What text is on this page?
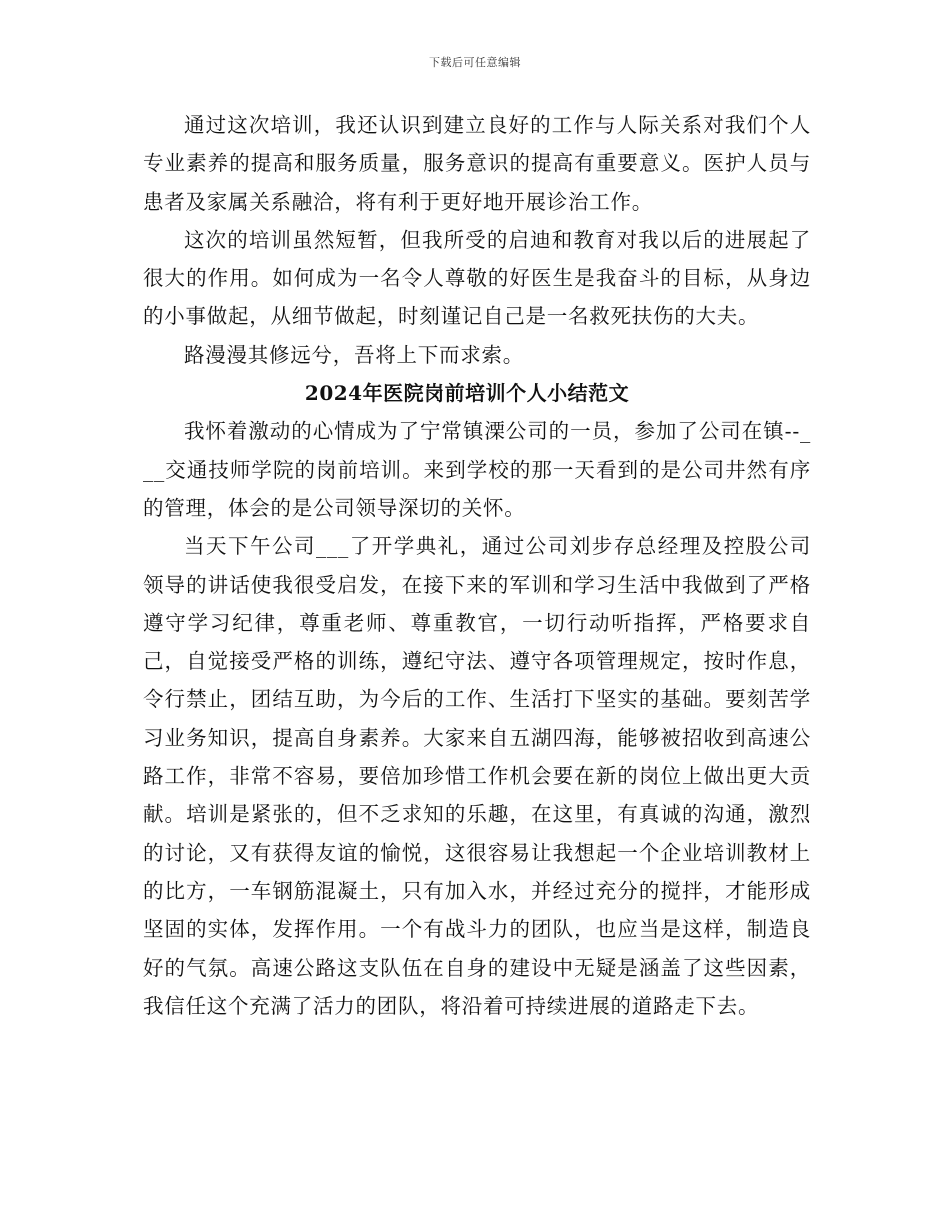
下载后可任意编辑

通过这次培训，我还认识到建立良好的工作与人际关系对我们个人专业素养的提高和服务质量，服务意识的提高有重要意义。医护人员与患者及家属关系融洽，将有利于更好地开展诊治工作。

这次的培训虽然短暂，但我所受的启迪和教育对我以后的进展起了很大的作用。如何成为一名令人尊敬的好医生是我奋斗的目标，从身边的小事做起，从细节做起，时刻谨记自己是一名救死扶伤的大夫。

路漫漫其修远兮，吾将上下而求索。

2024年医院岗前培训个人小结范文

我怀着激动的心情成为了宁常镇溧公司的一员，参加了公司在镇--___交通技师学院的岗前培训。来到学校的那一天看到的是公司井然有序的管理，体会的是公司领导深切的关怀。

当天下午公司___了开学典礼，通过公司刘步存总经理及控股公司领导的讲话使我很受启发，在接下来的军训和学习生活中我做到了严格遵守学习纪律，尊重老师、尊重教官，一切行动听指挥，严格要求自己，自觉接受严格的训练，遵纪守法、遵守各项管理规定，按时作息，令行禁止，团结互助，为今后的工作、生活打下坚实的基础。要刻苦学习业务知识，提高自身素养。大家来自五湖四海，能够被招收到高速公路工作，非常不容易，要倍加珍惜工作机会要在新的岗位上做出更大贡献。培训是紧张的，但不乏求知的乐趣，在这里，有真诚的沟通，激烈的讨论，又有获得友谊的愉悦，这很容易让我想起一个企业培训教材上的比方，一车钢筋混凝土，只有加入水，并经过充分的搅拌，才能形成坚固的实体，发挥作用。一个有战斗力的团队，也应当是这样，制造良好的气氛。高速公路这支队伍在自身的建设中无疑是涵盖了这些因素，我信任这个充满了活力的团队，将沿着可持续进展的道路走下去。
